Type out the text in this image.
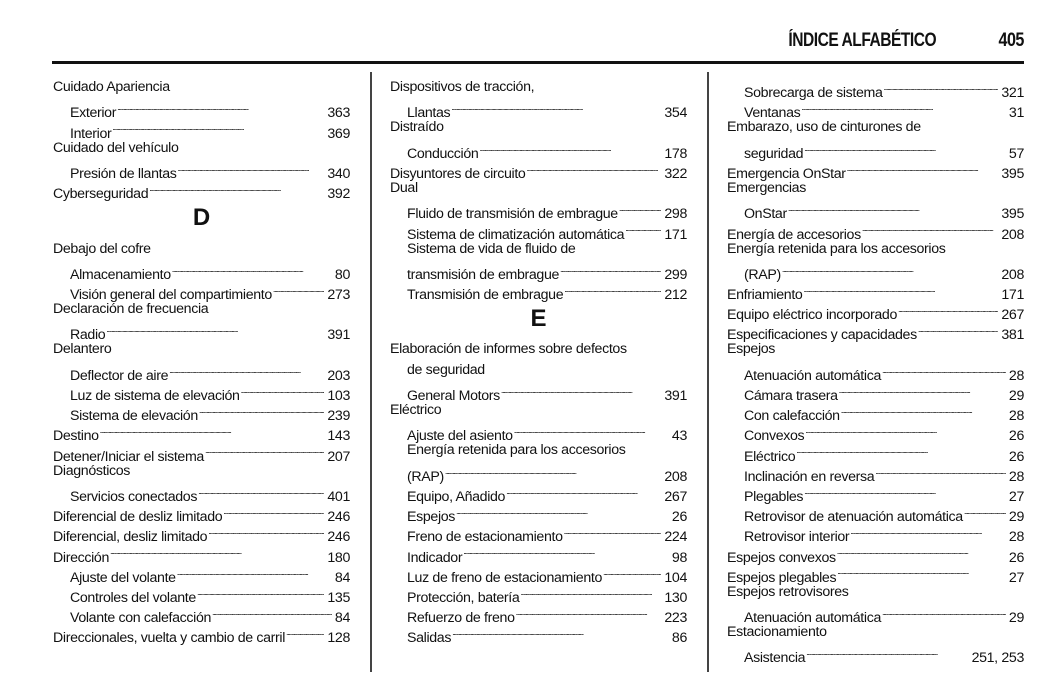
ÍNDICE ALFABÉTICO	405
Cuidado Apariencia
Exterior . . .	363
Interior . . .	369
Cuidado del vehículo
Presión de llantas . . .	340
Cyberseguridad . . .	392
D
Debajo del cofre
Almacenamiento . . .	80
Visión general del compartimiento . . .	273
Declaración de frecuencia
Radio . . .	391
Delantero
Deflector de aire . . .	203
Luz de sistema de elevación . . .	103
Sistema de elevación . . .	239
Destino . . .	143
Detener/Iniciar el sistema . . .	207
Diagnósticos
Servicios conectados . . .	401
Diferencial de desliz limitado . . .	246
Diferencial, desliz limitado . . .	246
Dirección . . .	180
Ajuste del volante . . .	84
Controles del volante . . .	135
Volante con calefacción . . .	84
Direccionales, vuelta y cambio de carril . . .	128
Dispositivos de tracción,
Llantas . . .	354
Distraído
Conducción . . .	178
Disyuntores de circuito . . .	322
Dual
Fluido de transmisión de embrague . . .	298
Sistema de climatización automática . . .	171
Sistema de vida de fluido de
transmisión de embrague . . .	299
Transmisión de embrague . . .	212
E
Elaboración de informes sobre defectos
de seguridad
General Motors . . .	391
Eléctrico
Ajuste del asiento . . .	43
Energía retenida para los accesorios
(RAP) . . .	208
Equipo, Añadido . . .	267
Espejos . . .	26
Freno de estacionamiento . . .	224
Indicador . . .	98
Luz de freno de estacionamiento . . .	104
Protección, batería . . .	130
Refuerzo de freno . . .	223
Salidas . . .	86
Sobrecarga de sistema . . .	321
Ventanas . . .	31
Embarazo, uso de cinturones de
seguridad . . .	57
Emergencia OnStar . . .	395
Emergencias
OnStar . . .	395
Energía de accesorios . . .	208
Energía retenida para los accesorios
(RAP) . . .	208
Enfriamiento . . .	171
Equipo eléctrico incorporado . . .	267
Especificaciones y capacidades . . .	381
Espejos
Atenuación automática . . .	28
Cámara trasera . . .	29
Con calefacción . . .	28
Convexos . . .	26
Eléctrico . . .	26
Inclinación en reversa . . .	28
Plegables . . .	27
Retrovisor de atenuación automática . . .	29
Retrovisor interior . . .	28
Espejos convexos . . .	26
Espejos plegables . . .	27
Espejos retrovisores
Atenuación automática . . .	29
Estacionamiento
Asistencia . . .	251, 253
